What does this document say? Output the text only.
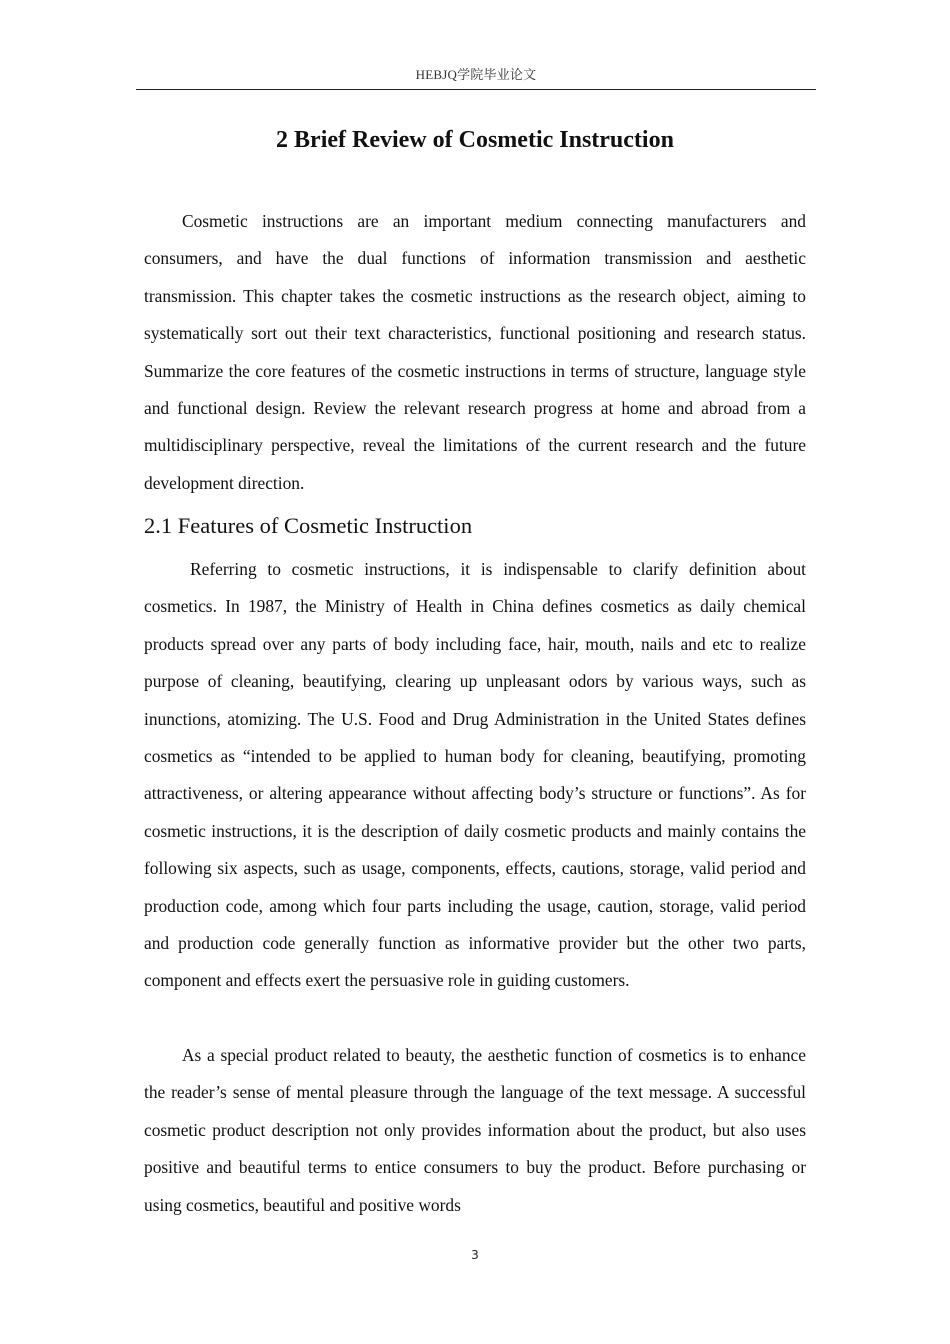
HEBJQ学院毕业论文
2 Brief Review of Cosmetic Instruction

Cosmetic instructions are an important medium connecting manufacturers and consumers, and have the dual functions of information transmission and aesthetic transmission. This chapter takes the cosmetic instructions as the research object, aiming to systematically sort out their text characteristics, functional positioning and research status. Summarize the core features of the cosmetic instructions in terms of structure, language style and functional design. Review the relevant research progress at home and abroad from a multidisciplinary perspective, reveal the limitations of the current research and the future development direction.

2.1 Features of Cosmetic Instruction

Referring to cosmetic instructions, it is indispensable to clarify definition about cosmetics. In 1987, the Ministry of Health in China defines cosmetics as daily chemical products spread over any parts of body including face, hair, mouth, nails and etc to realize purpose of cleaning, beautifying, clearing up unpleasant odors by various ways, such as inunctions, atomizing. The U.S. Food and Drug Administration in the United States defines cosmetics as “intended to be applied to human body for cleaning, beautifying, promoting attractiveness, or altering appearance without affecting body’s structure or functions”. As for cosmetic instructions, it is the description of daily cosmetic products and mainly contains the following six aspects, such as usage, components, effects, cautions, storage, valid period and production code, among which four parts including the usage, caution, storage, valid period and production code generally function as informative provider but the other two parts, component and effects exert the persuasive role in guiding customers.

As a special product related to beauty, the aesthetic function of cosmetics is to enhance the reader’s sense of mental pleasure through the language of the text message. A successful cosmetic product description not only provides information about the product, but also uses positive and beautiful terms to entice consumers to buy the product. Before purchasing or using cosmetics, beautiful and positive words

3
